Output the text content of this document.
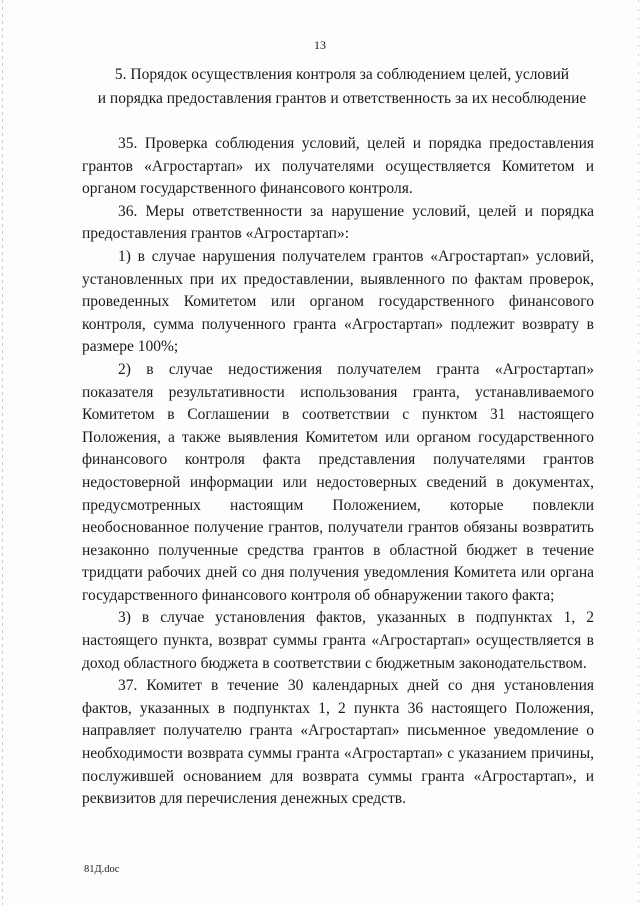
13
5. Порядок осуществления контроля за соблюдением целей, условий
и порядка предоставления грантов и ответственность за их несоблюдение

35. Проверка соблюдения условий, целей и порядка предоставления грантов «Агростартап» их получателями осуществляется Комитетом и органом государственного финансового контроля.

36. Меры ответственности за нарушение условий, целей и порядка предоставления грантов «Агростартап»:

1) в случае нарушения получателем грантов «Агростартап» условий, установленных при их предоставлении, выявленного по фактам проверок, проведенных Комитетом или органом государственного финансового контроля, сумма полученного гранта «Агростартап» подлежит возврату в размере 100%;

2) в случае недостижения получателем гранта «Агростартап» показателя результативности использования гранта, устанавливаемого Комитетом в Соглашении в соответствии с пунктом 31 настоящего Положения, а также выявления Комитетом или органом государственного финансового контроля факта представления получателями грантов недостоверной информации или недостоверных сведений в документах, предусмотренных настоящим Положением, которые повлекли необоснованное получение грантов, получатели грантов обязаны возвратить незаконно полученные средства грантов в областной бюджет в течение тридцати рабочих дней со дня получения уведомления Комитета или органа государственного финансового контроля об обнаружении такого факта;

3) в случае установления фактов, указанных в подпунктах 1, 2 настоящего пункта, возврат суммы гранта «Агростартап» осуществляется в доход областного бюджета в соответствии с бюджетным законодательством.

37. Комитет в течение 30 календарных дней со дня установления фактов, указанных в подпунктах 1, 2 пункта 36 настоящего Положения, направляет получателю гранта «Агростартап» письменное уведомление о необходимости возврата суммы гранта «Агростартап» с указанием причины, послужившей основанием для возврата суммы гранта «Агростартап», и реквизитов для перечисления денежных средств.

81Д.doc
